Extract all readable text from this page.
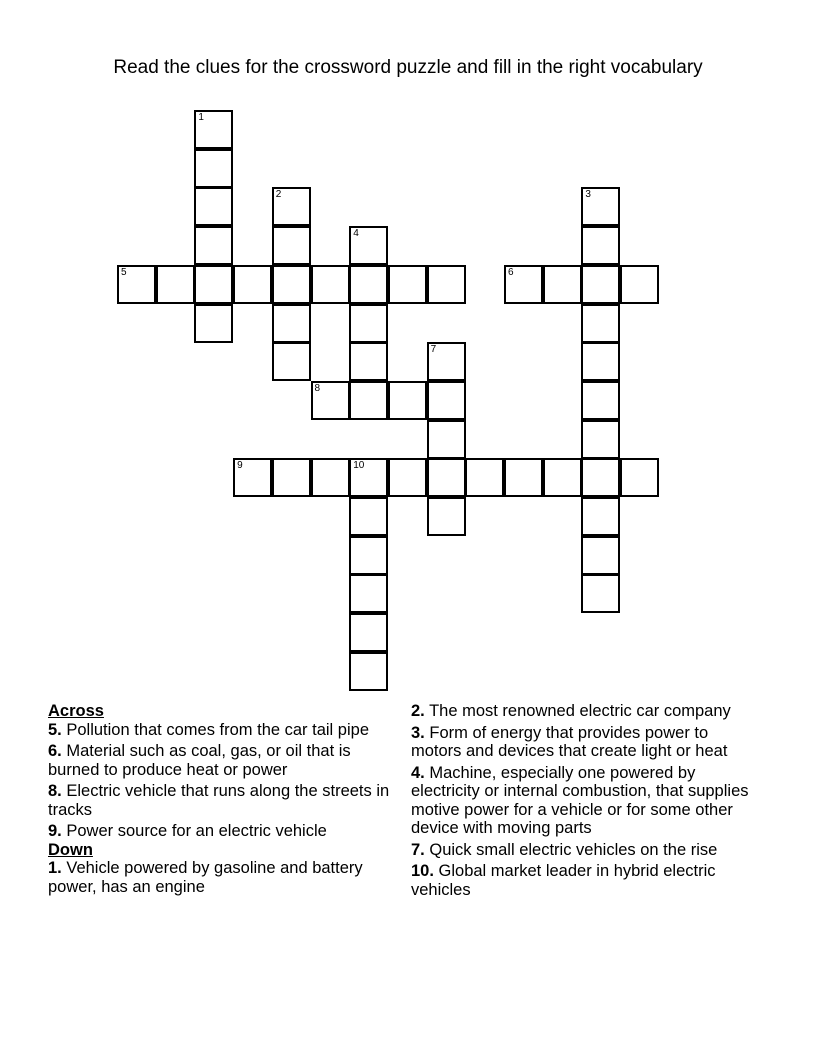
Read the clues for the crossword puzzle and fill in the right vocabulary
1
2	3
4
5	6
7
8
9	10
Across
5. Pollution that comes from the car tail pipe
6. Material such as coal, gas, or oil that is burned to produce heat or power
8. Electric vehicle that runs along the streets in tracks
9. Power source for an electric vehicle
Down
1. Vehicle powered by gasoline and battery power, has an engine
2. The most renowned electric car company
3. Form of energy that provides power to motors and devices that create light or heat
4. Machine, especially one powered by electricity or internal combustion, that supplies motive power for a vehicle or for some other device with moving parts
7. Quick small electric vehicles on the rise
10. Global market leader in hybrid electric vehicles
